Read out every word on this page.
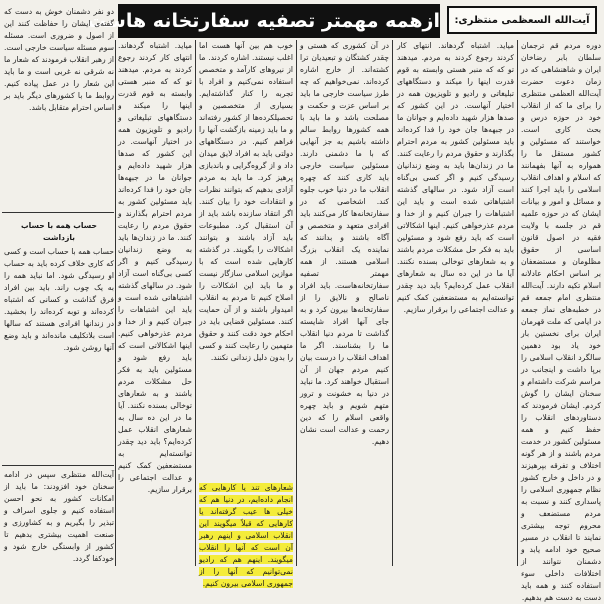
آیت‌الله السعظمی منتظری:
ازهمه مهمتر تصفیه سفارتخانه هاست

دوره مردم قم ترجمان سلطان بابر رضاخان ایران و شاهنشاهی که در زمان دعوت حضرت آیت‌الله العظمی منتظری را برای ما که از انقلاب خود در حوزه درس و بحث کاری است. خواستند که مسئولین و کشور مستقل ما را همواره به آنها بفهمانند که اسلام و اهداف انقلاب اسلامی را باید اجرا کنند و مسائل و امور و بیانات ایشان که در حوزه علمیه قم در جلسه با ولایت فقیه در اصول قانون اساسی از حقوق مظلومان و مستضعفان بر اساس احکام عادلانه اسلام تکیه دارند. آیت‌الله منتظری امام جمعه قم در خطبه‌های نماز جمعه در ایامی که ملت قهرمان ایران برای نخستین بار خود یاد بود دهمین سالگرد انقلاب اسلامی را برپا داشت و اینجانب در مراسم شرکت داشته‌ام و سخنان ایشان را گوش کردم. ایشان فرمودند که دستاوردهای انقلاب را حفظ کنیم و همه مسئولین کشور در خدمت مردم باشند و از هر گونه اختلاف و تفرقه بپرهیزند و در داخل و خارج کشور نظام جمهوری اسلامی را پاسداری کنند و نسبت به مردم مستضعف و محروم توجه بیشتری نمایند تا انقلاب در مسیر صحیح خود ادامه یابد و دشمنان نتوانند از اختلافات داخلی سوء استفاده کنند و همه باید دست به دست هم بدهیم.

میاید. اشتباه گردهاند. انتهای کار کردند رجوع کردند به مردم. میدهند تو که که منبر هستی وابسته به قوم قدرت اینها را میکند و دستگاههای تبلیغاتی و رادیو و تلویزیون همه در اختیار آنهاست. در این کشور که صدها هزار شهید داده‌ایم و جوانان ما در جبهه‌ها جان خود را فدا کرده‌اند باید مسئولین کشور به مردم احترام بگذارند و حقوق مردم را رعایت کنند. ما در زندان‌ها باید به وضع زندانیان رسیدگی کنیم و اگر کسی بی‌گناه است آزاد شود. در سالهای گذشته اشتباهاتی شده است و باید این اشتباهات را جبران کنیم و از خدا و مردم عذرخواهی کنیم. اینها اشکالاتی است که باید رفع شود و مسئولین باید به فکر حل مشکلات مردم باشند و به شعارهای توخالی بسنده نکنند. آیا ما در این ده سال به شعارهای انقلاب عمل کرده‌ایم؟ باید دید چقدر توانسته‌ایم به مستضعفین کمک کنیم و عدالت اجتماعی را برقرار سازیم.

در آن کشوری که هستی و چقدر کشتگان و تبعیدیان ترا کشته‌اند. از خارج اشاره کرده‌اند. نمی‌خواهیم که چه طرز سیاست خارجی ما باید بر اساس عزت و حکمت و مصلحت باشد و ما باید با همه کشورها روابط سالم داشته باشیم به جز آنهایی که با ما دشمنی دارند. مسئولین سیاست خارجی باید کاری کنند که چهره انقلاب ما در دنیا خوب جلوه کند. اشخاصی که در سفارتخانه‌ها کار می‌کنند باید افرادی متعهد و متخصص و آگاه باشند و بدانند که نماینده یک انقلاب بزرگ اسلامی هستند. از همه مهمتر تصفیه سفارتخانه‌هاست. باید افراد ناصالح و نالایق را از سفارتخانه‌ها بیرون کرد و به جای آنها افراد شایسته گذاشت تا مردم دنیا انقلاب ما را بشناسند. اگر ما اهداف انقلاب را درست بیان کنیم مردم جهان از آن استقبال خواهند کرد. ما نباید در دنیا به خشونت و ترور متهم شویم و باید چهره واقعی اسلام را که دین رحمت و عدالت است نشان دهیم.

خوب هم بین آنها هست اما اغلب نیستند. اشاره کردند. ما از نیروهای کارآمد و متخصص استفاده نمی‌کنیم و افراد با تجربه را کنار گذاشته‌ایم. بسیاری از متخصصین و تحصیلکرده‌ها از کشور رفته‌اند و ما باید زمینه بازگشت آنها را فراهم کنیم. در دستگاههای دولتی باید به افراد لایق میدان داد و از گروه‌گرایی و باندبازی پرهیز کرد. ما باید به مردم آزادی بدهیم که بتوانند نظرات و انتقادات خود را بیان کنند. اگر انتقاد سازنده باشد باید از آن استقبال کرد. مطبوعات باید آزاد باشند و بتوانند اشکالات را بگویند. در گذشته کارهایی شده است که با موازین اسلامی سازگار نیست و ما باید این اشکالات را اصلاح کنیم تا مردم به انقلاب امیدوار باشند و از آن حمایت کنند. مسئولین قضایی باید در احکام خود دقت کنند و حقوق متهمین را رعایت کنند و کسی را بدون دلیل زندانی نکنند.

شعارهای تند یا کارهایی که انجام داده‌ایم، در دنیا هم که خیلی ها عیب گرفته‌اند یا کارهایی که قبلاً میگویند این انقلاب اسلامی و اینهم رهبر آن است که آنها را انقلاب میگویند. اینهم هم که رادیو نمی‌توانیم که آنها را از جمهوری اسلامی بیرون کنیم.

دو نفر دشمنان خوش به دست که گفته‌ی ایشان را حفاظت کنند این از اصول و ضروری است. مسئله سوم مسئله سیاست خارجی است. از رهبر انقلاب فرمودند که شعار ما نه شرقی نه غربی است و ما باید این شعار را در عمل پیاده کنیم. روابط ما با کشورهای دیگر باید بر اساس احترام متقابل باشد.

حساب همه با حساب بازداشت

حساب همه با حساب است و کسی که کاری خلاف کرده باید به حساب او رسیدگی شود. اما نباید همه را به یک چوب راند. باید بین افراد فرق گذاشت و کسانی که اشتباه کرده‌اند و توبه کرده‌اند را بخشید. در زندانها افرادی هستند که سالها است بلاتکلیف مانده‌اند و باید وضع آنها روشن شود.

آیت‌الله منتظری سپس در ادامه سخنان خود افزودند: ما باید از امکانات کشور به نحو احسن استفاده کنیم و جلوی اسراف و تبذیر را بگیریم و به کشاورزی و صنعت اهمیت بیشتری بدهیم تا کشور از وابستگی خارج شود و خودکفا گردد.

میاید. اشتباه گردهاند. انتهای کار کردند رجوع کردند به مردم. میدهند تو که که منبر هستی وابسته به قوم قدرت اینها را میکند و دستگاههای تبلیغاتی و رادیو و تلویزیون همه در اختیار آنهاست. در این کشور که صدها هزار شهید داده‌ایم و جوانان ما در جبهه‌ها جان خود را فدا کرده‌اند باید مسئولین کشور به مردم احترام بگذارند و حقوق مردم را رعایت کنند. ما در زندان‌ها باید به وضع زندانیان رسیدگی کنیم و اگر کسی بی‌گناه است آزاد شود. در سالهای گذشته اشتباهاتی شده است و باید این اشتباهات را جبران کنیم و از خدا و مردم عذرخواهی کنیم. اینها اشکالاتی است که باید رفع شود و مسئولین باید به فکر حل مشکلات مردم باشند و به شعارهای توخالی بسنده نکنند. آیا ما در این ده سال به شعارهای انقلاب عمل کرده‌ایم؟ باید دید چقدر توانسته‌ایم به مستضعفین کمک کنیم و عدالت اجتماعی را برقرار سازیم.
